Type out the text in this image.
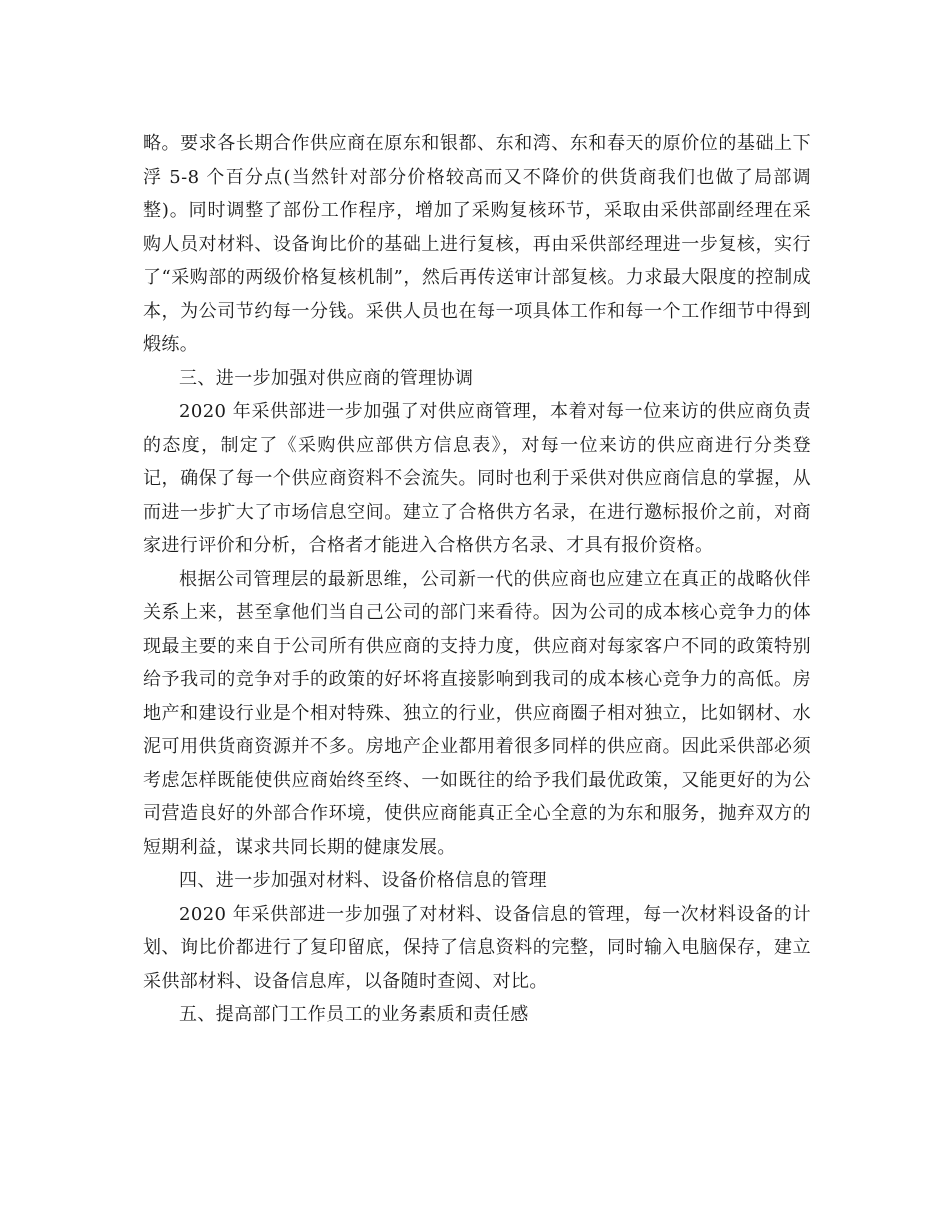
略。要求各长期合作供应商在原东和银都、东和湾、东和春天的原价位的基础上下浮 5-8 个百分点(当然针对部分价格较高而又不降价的供货商我们也做了局部调整)。同时调整了部份工作程序，增加了采购复核环节，采取由采供部副经理在采购人员对材料、设备询比价的基础上进行复核，再由采供部经理进一步复核，实行了“采购部的两级价格复核机制”，然后再传送审计部复核。力求最大限度的控制成本，为公司节约每一分钱。采供人员也在每一项具体工作和每一个工作细节中得到煅练。

三、进一步加强对供应商的管理协调

2020 年采供部进一步加强了对供应商管理，本着对每一位来访的供应商负责的态度，制定了《采购供应部供方信息表》，对每一位来访的供应商进行分类登记，确保了每一个供应商资料不会流失。同时也利于采供对供应商信息的掌握，从而进一步扩大了市场信息空间。建立了合格供方名录，在进行邀标报价之前，对商家进行评价和分析，合格者才能进入合格供方名录、才具有报价资格。

根据公司管理层的最新思维，公司新一代的供应商也应建立在真正的战略伙伴关系上来，甚至拿他们当自己公司的部门来看待。因为公司的成本核心竞争力的体现最主要的来自于公司所有供应商的支持力度，供应商对每家客户不同的政策特别给予我司的竞争对手的政策的好坏将直接影响到我司的成本核心竞争力的高低。房地产和建设行业是个相对特殊、独立的行业，供应商圈子相对独立，比如钢材、水泥可用供货商资源并不多。房地产企业都用着很多同样的供应商。因此采供部必须考虑怎样既能使供应商始终至终、一如既往的给予我们最优政策，又能更好的为公司营造良好的外部合作环境，使供应商能真正全心全意的为东和服务，抛弃双方的短期利益，谋求共同长期的健康发展。

四、进一步加强对材料、设备价格信息的管理

2020 年采供部进一步加强了对材料、设备信息的管理，每一次材料设备的计划、询比价都进行了复印留底，保持了信息资料的完整，同时输入电脑保存，建立采供部材料、设备信息库，以备随时查阅、对比。

五、提高部门工作员工的业务素质和责任感
